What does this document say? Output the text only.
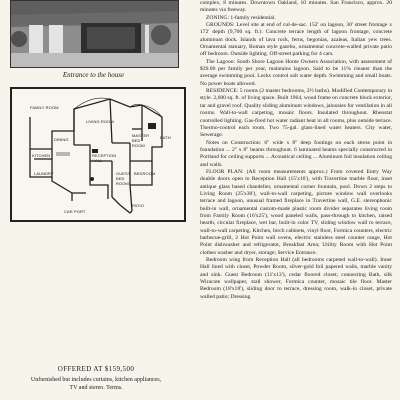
Entrance to the house
FAMILY ROOM
LIVING ROOM
MASTER BED ROOM
BATH
DINING
KITCHEN	RECEPTION HALL
LAUNDRY	GUEST BED ROOM
BEDROOM
CAR PORT
PATIO
OFFERED AT $159,500
Unfurnished but includes curtains, kitchen appliances,
TV and stereo. Terms.

complex, 8 minutes. Downtown Oakland, 10 minutes. San Francisco, approx. 20 minutes via freeway.

ZONING: 1-family residential.

GROUNDS: Level site at end of cul-de-sac. 152' on lagoon, 30' street frontage x 172' depth (9,700 sq. ft.). Concrete terrace length of lagoon frontage, concrete aluminum dock. Islands of lava rock, ferns, begonias, azaleas, Italian yew trees. Ornamental statuary, Roman style gazebo, ornamental concrete-walled private patio off bedroom. Outside lighting. Off-street parking for 4 cars.

The Lagoon: South Shore Lagoon Home Owners Association, with assessment of $39.00 per family per year, maintains lagoon. Said to be 11% cleaner than the average swimming pool. Locks control salt water depth. Swimming and small boats. No power boats allowed.

RESIDENCE: 5 rooms (2 master bedrooms, 2½ baths). Modified Contemporary in style. 2,600 sq. ft. of living space. Built 1964, wood frame on concrete block exterior, tar and gravel roof. Quality sliding aluminum windows, jalousies for ventilation in all rooms. Wall-to-wall carpeting, mosaic floors. Insulated throughout. Rheostat controlled lighting. Gas-fired hot water radiant heat in all rooms, plus outside terrace. Thermo-control each room. Two 75-gal. glass-lined water heaters. City water, Sewerage.

Notes on Construction: 6" wide x 8" deep footings on each stress point in foundation ... 2" x 8" beams throughout. 6 laminated beams specially constructed in Portland for ceiling supports ... Acoustical ceiling ... Aluminum foil insulation ceiling and walls.

FLOOR PLAN: (All room measurements approx.) From covered Entry Way double doors open to Reception Hall (15'x16'), with Travertine marble floor, inset antique glass based chandelier, ornamental corner fountain, pool. Down 2 steps to Living Room (25'x30'), wall-to-wall carpeting, picture window wall overlooks terrace and lagoon, unusual framed fireplace in Travertine wall, G.E. stereophonic built-in wall, ornamental custom-made plastic room divider separates living room from Family Room (16'x25'), wood paneled walls, pass-through to kitchen, raised hearth, circular fireplace, wet bar, built-in color TV, sliding window wall to terrace, wall-to-wall carpeting. Kitchen, birch cabinets, vinyl floor, Formica counters, electric barbecue-grill, 2 Hot Point wall ovens, electric stainless steel counter range, Hot Point dishwasher and refrigerator, Breakfast Area; Utility Room with Hot Point clothes washer and dryer, storage; Service Entrance.

Bedroom wing from Reception Hall (all bedrooms carpeted wall-to-wall). Inner Hall lined with closet, Powder Room, silver-gold foil papered walls, marble vanity and sink. Guest Bedroom (11'x13'), cedar floored closet; connecting Bath, silk Wiracote wallpaper, stall shower, Formica counter, mosaic tile floor. Master Bedroom (18'x18'), sliding door to terrace, dressing room, walk-in closet, private walled patio; Dressing
